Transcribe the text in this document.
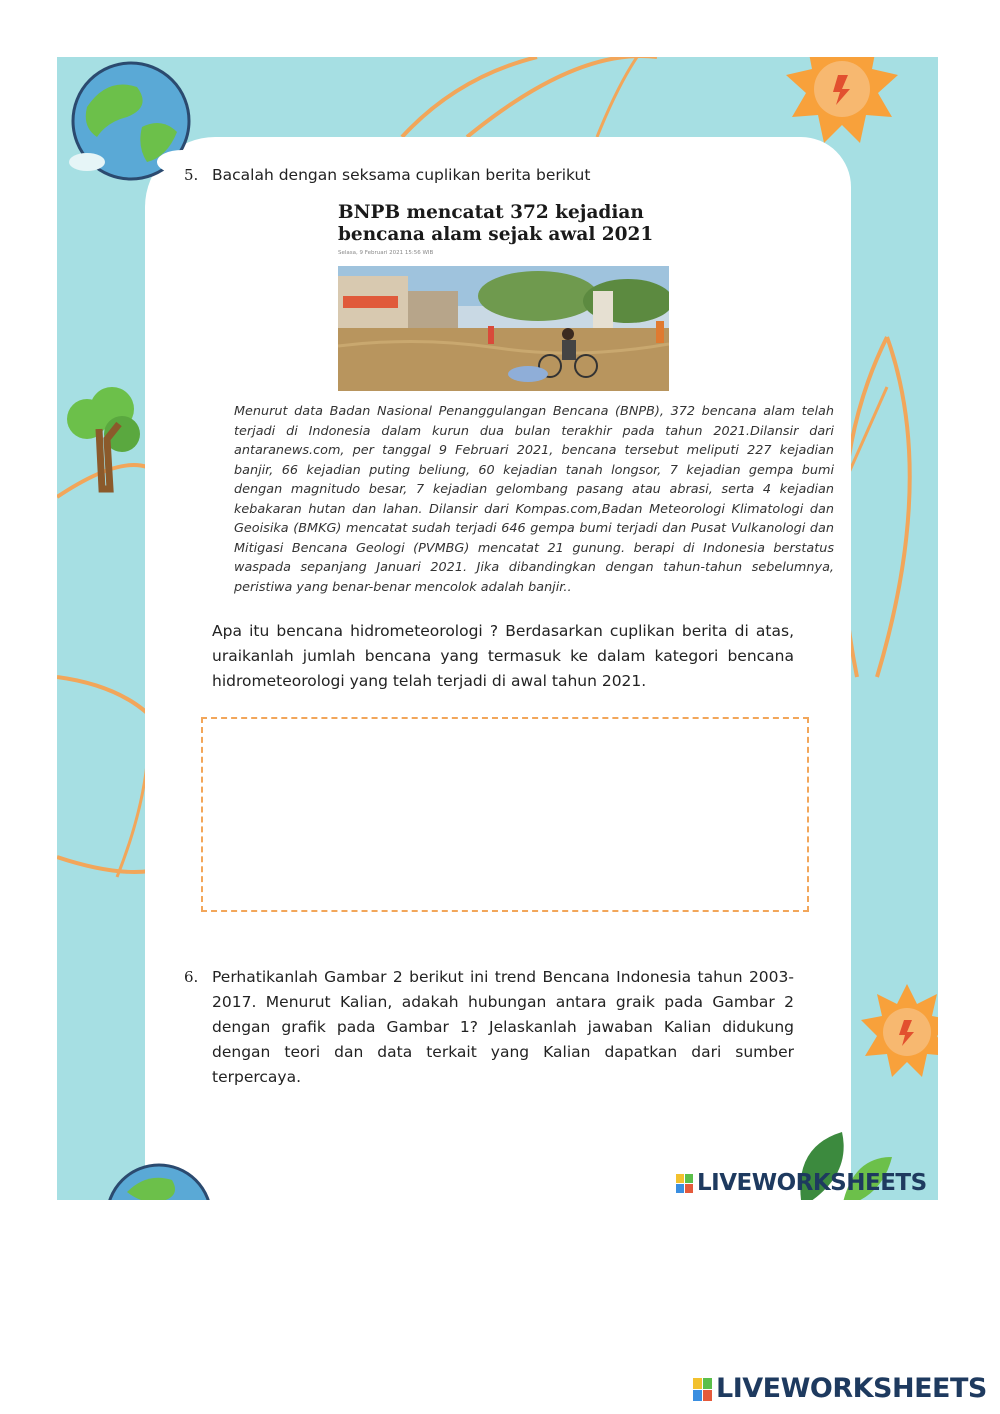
5. Bacalah dengan seksama cuplikan berita berikut
BNPB mencatat 372 kejadian
bencana alam sejak awal 2021
Selasa, 9 Februari 2021 15:56 WIB
Menurut data Badan Nasional Penanggulangan Bencana (BNPB), 372 bencana alam telah terjadi di Indonesia dalam kurun dua bulan terakhir pada tahun 2021.Dilansir dari antaranews.com, per tanggal 9 Februari 2021, bencana tersebut meliputi 227 kejadian banjir, 66 kejadian puting beliung, 60 kejadian tanah longsor, 7 kejadian gempa bumi dengan magnitudo besar, 7 kejadian gelombang pasang atau abrasi, serta 4 kejadian kebakaran hutan dan lahan. Dilansir dari Kompas.com,Badan Meteorologi Klimatologi dan Geoisika (BMKG) mencatat sudah terjadi 646 gempa bumi terjadi dan Pusat Vulkanologi dan Mitigasi Bencana Geologi (PVMBG) mencatat 21 gunung. berapi di Indonesia berstatus waspada sepanjang Januari 2021. Jika dibandingkan dengan tahun-tahun sebelumnya, peristiwa yang benar-benar mencolok adalah banjir..
Apa itu bencana hidrometeorologi ? Berdasarkan cuplikan berita di atas, uraikanlah jumlah bencana yang termasuk ke dalam kategori bencana hidrometeorologi yang telah terjadi di awal tahun 2021.
6. Perhatikanlah Gambar 2 berikut ini trend Bencana Indonesia tahun 2003-2017. Menurut Kalian, adakah hubungan antara graik pada Gambar 2 dengan grafik pada Gambar 1? Jelaskanlah jawaban Kalian didukung dengan teori dan data terkait yang Kalian dapatkan dari sumber terpercaya.
LIVEWORKSHEETS
LIVEWORKSHEETS
